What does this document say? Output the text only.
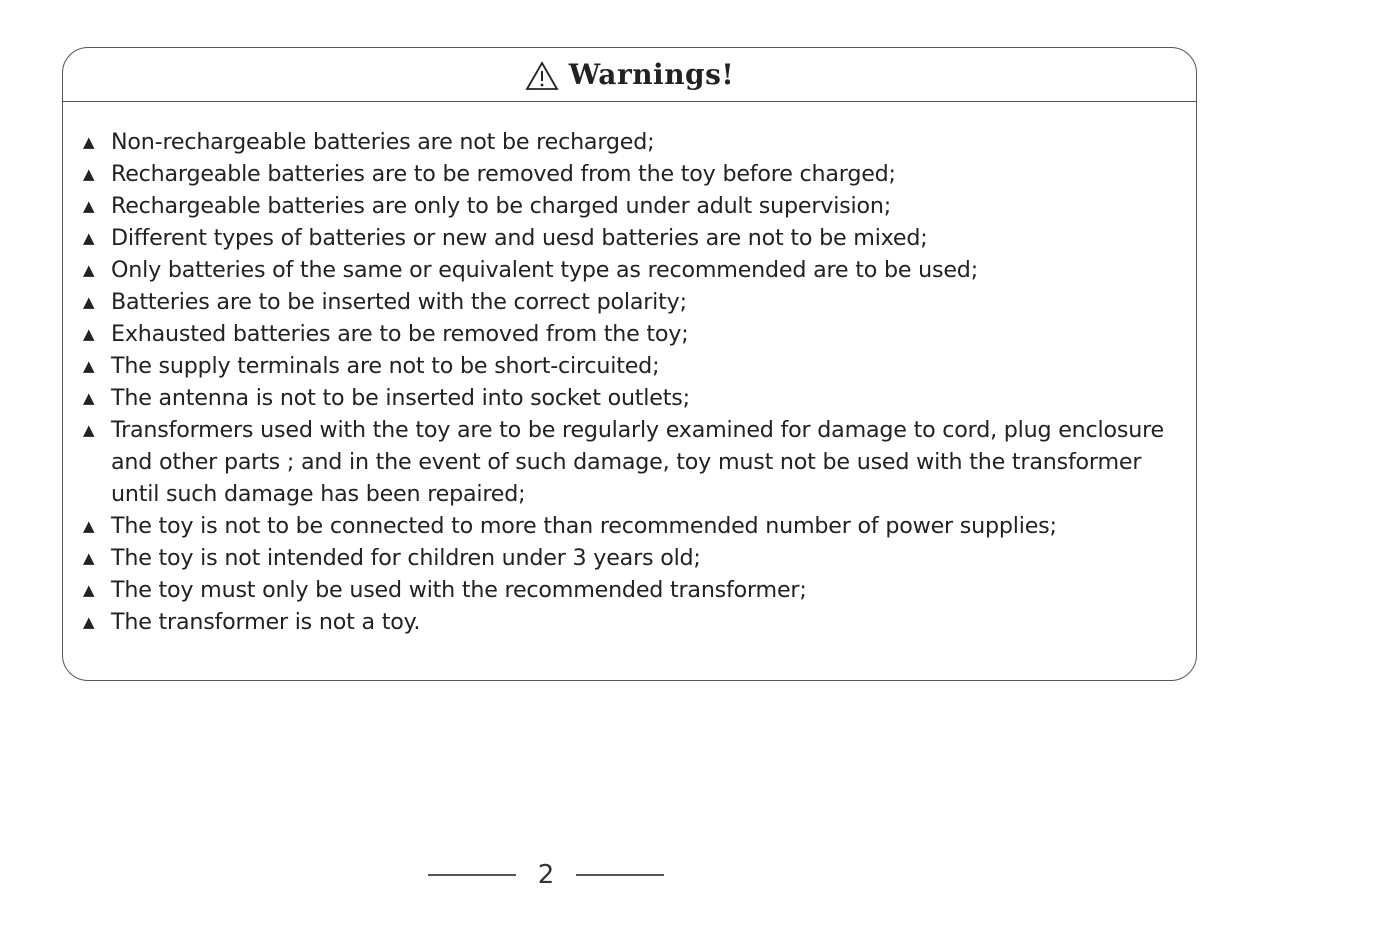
Warnings!
▲ Non-rechargeable batteries are not be recharged;
▲ Rechargeable batteries are to be removed from the toy before charged;
▲ Rechargeable batteries are only to be charged under adult supervision;
▲ Different types of batteries or new and uesd batteries are not to be mixed;
▲ Only batteries of the same or equivalent type as recommended are to be used;
▲ Batteries are to be inserted with the correct polarity;
▲ Exhausted batteries are to be removed from the toy;
▲ The supply terminals are not to be short-circuited;
▲ The antenna is not to be inserted into socket outlets;
▲ Transformers used with the toy are to be regularly examined for damage to cord, plug enclosure and other parts ; and in the event of such damage, toy must not be used with the transformer until such damage has been repaired;
▲ The toy is not to be connected to more than recommended number of power supplies;
▲ The toy is not intended for children under 3 years old;
▲ The toy must only be used with the recommended transformer;
▲ The transformer is not a toy.
2
